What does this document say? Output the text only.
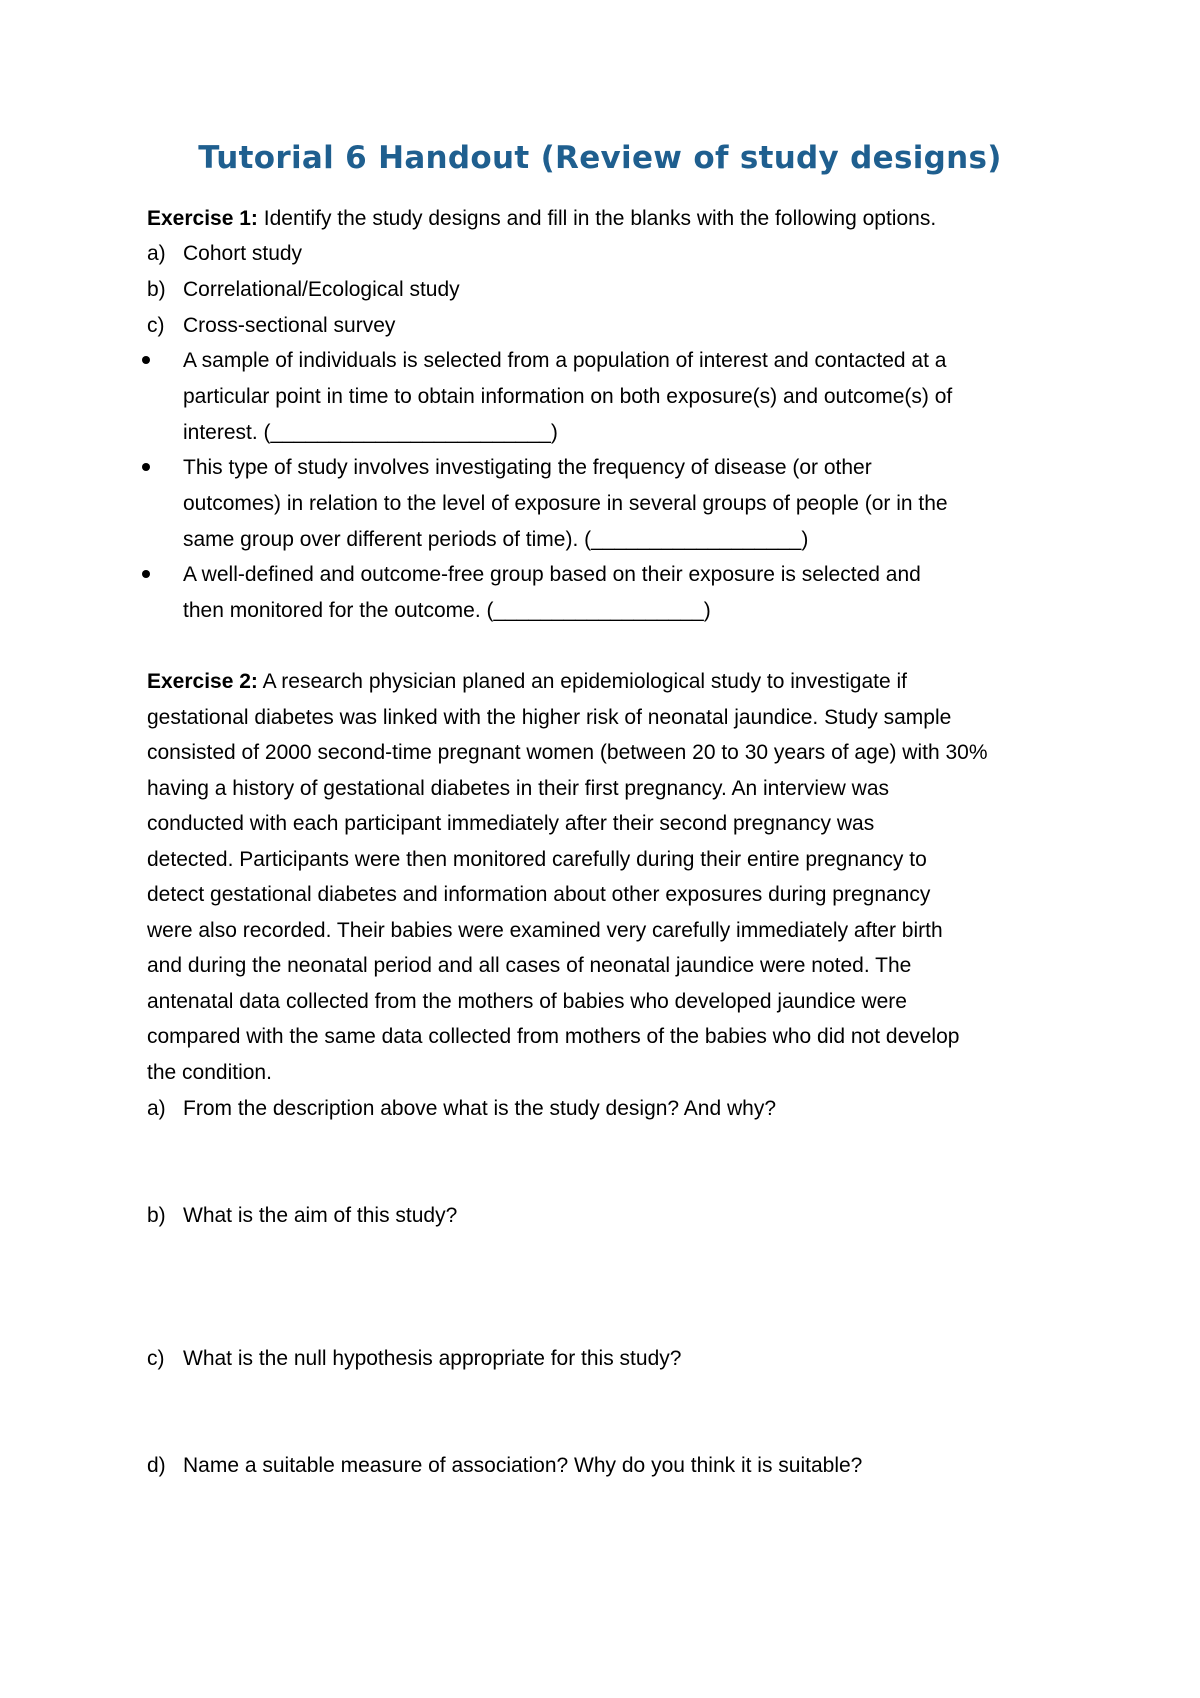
Tutorial 6 Handout (Review of study designs)
Exercise 1: Identify the study designs and fill in the blanks with the following options.
a) Cohort study
b) Correlational/Ecological study
c) Cross-sectional survey
A sample of individuals is selected from a population of interest and contacted at a
particular point in time to obtain information on both exposure(s) and outcome(s) of
interest. (________________________)
This type of study involves investigating the frequency of disease (or other
outcomes) in relation to the level of exposure in several groups of people (or in the
same group over different periods of time). (__________________)
A well-defined and outcome-free group based on their exposure is selected and
then monitored for the outcome. (__________________)
Exercise 2: A research physician planed an epidemiological study to investigate if
gestational diabetes was linked with the higher risk of neonatal jaundice. Study sample
consisted of 2000 second-time pregnant women (between 20 to 30 years of age) with 30%
having a history of gestational diabetes in their first pregnancy. An interview was
conducted with each participant immediately after their second pregnancy was
detected. Participants were then monitored carefully during their entire pregnancy to
detect gestational diabetes and information about other exposures during pregnancy
were also recorded. Their babies were examined very carefully immediately after birth
and during the neonatal period and all cases of neonatal jaundice were noted. The
antenatal data collected from the mothers of babies who developed jaundice were
compared with the same data collected from mothers of the babies who did not develop
the condition.
a) From the description above what is the study design? And why?
b) What is the aim of this study?
c) What is the null hypothesis appropriate for this study?
d) Name a suitable measure of association? Why do you think it is suitable?
